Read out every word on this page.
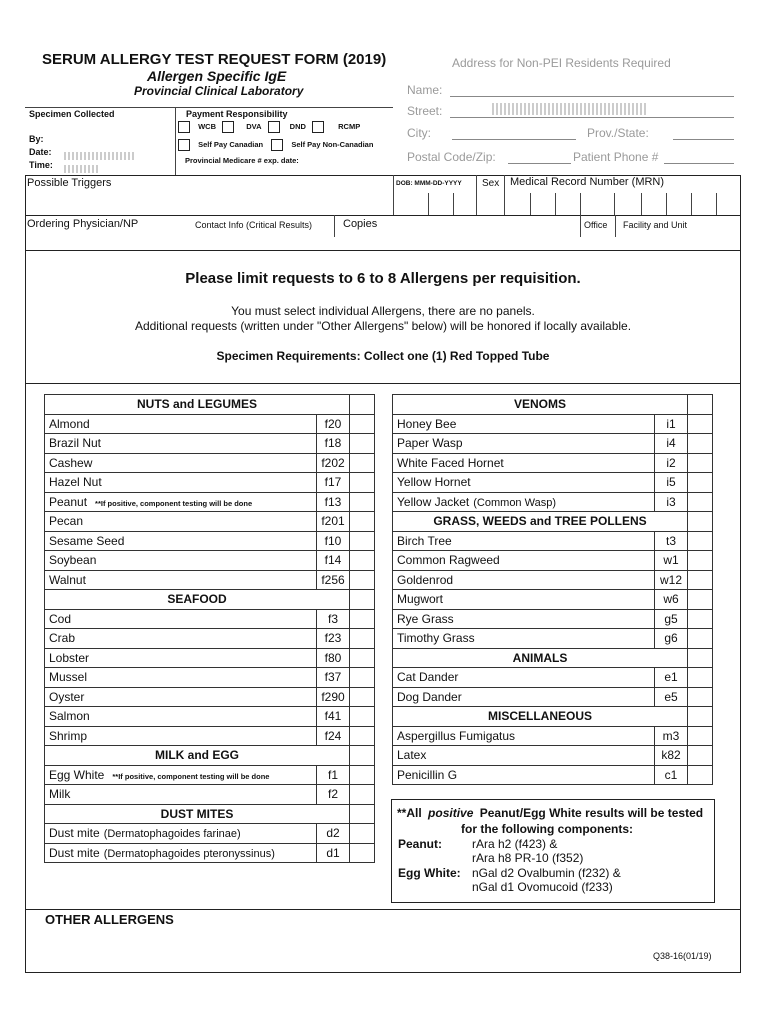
SERUM ALLERGY TEST REQUEST FORM (2019)
Allergen Specific IgE
Provincial Clinical Laboratory
Address for Non-PEI Residents Required
Name:
Street:
City:	Prov./State:
Postal Code/Zip:	Patient Phone #
Specimen Collected
By:
Date:
Time:
Payment Responsibility
WCB	DVA	DND	RCMP
Self Pay Canadian	Self Pay Non-Canadian
Provincial Medicare # exp. date:
Possible Triggers	DOB: MMM-DD-YYYY Sex Medical Record Number (MRN)
Ordering Physician/NP	Contact Info (Critical Results)	Copies	Office Facility and Unit
Please limit requests to 6 to 8 Allergens per requisition.
You must select individual Allergens, there are no panels.
Additional requests (written under "Other Allergens" below) will be honored if locally available.
Specimen Requirements: Collect one (1) Red Topped Tube
NUTS and LEGUMES		
Almond	f20	
Brazil Nut	f18	
Cashew	f202	
Hazel Nut	f17	
Peanut **If positive, component testing will be done	f13	
Pecan	f201	
Sesame Seed	f10	
Soybean	f14	
Walnut	f256	
SEAFOOD		
Cod	f3	
Crab	f23	
Lobster	f80	
Mussel	f37	
Oyster	f290	
Salmon	f41	
Shrimp	f24	
MILK and EGG		
Egg White **If positive, component testing will be done	f1	
Milk	f2	
DUST MITES		
Dust mite (Dermatophagoides farinae)	d2	
Dust mite (Dermatophagoides pteronyssinus)	d1	
VENOMS		
Honey Bee	i1	
Paper Wasp	i4	
White Faced Hornet	i2	
Yellow Hornet	i5	
Yellow Jacket (Common Wasp)	i3	
GRASS, WEEDS and TREE POLLENS		
Birch Tree	t3	
Common Ragweed	w1	
Goldenrod	w12	
Mugwort	w6	
Rye Grass	g5	
Timothy Grass	g6	
ANIMALS		
Cat Dander	e1	
Dog Dander	e5	
MISCELLANEOUS		
Aspergillus Fumigatus	m3	
Latex	k82	
Penicillin G	c1	
**All positive Peanut/Egg White results will be tested
for the following components:
Peanut: rAra h2 (f423) &
rAra h8 PR-10 (f352)
Egg White: nGal d2 Ovalbumin (f232) &
nGal d1 Ovomucoid (f233)
OTHER ALLERGENS
Q38-16(01/19)
